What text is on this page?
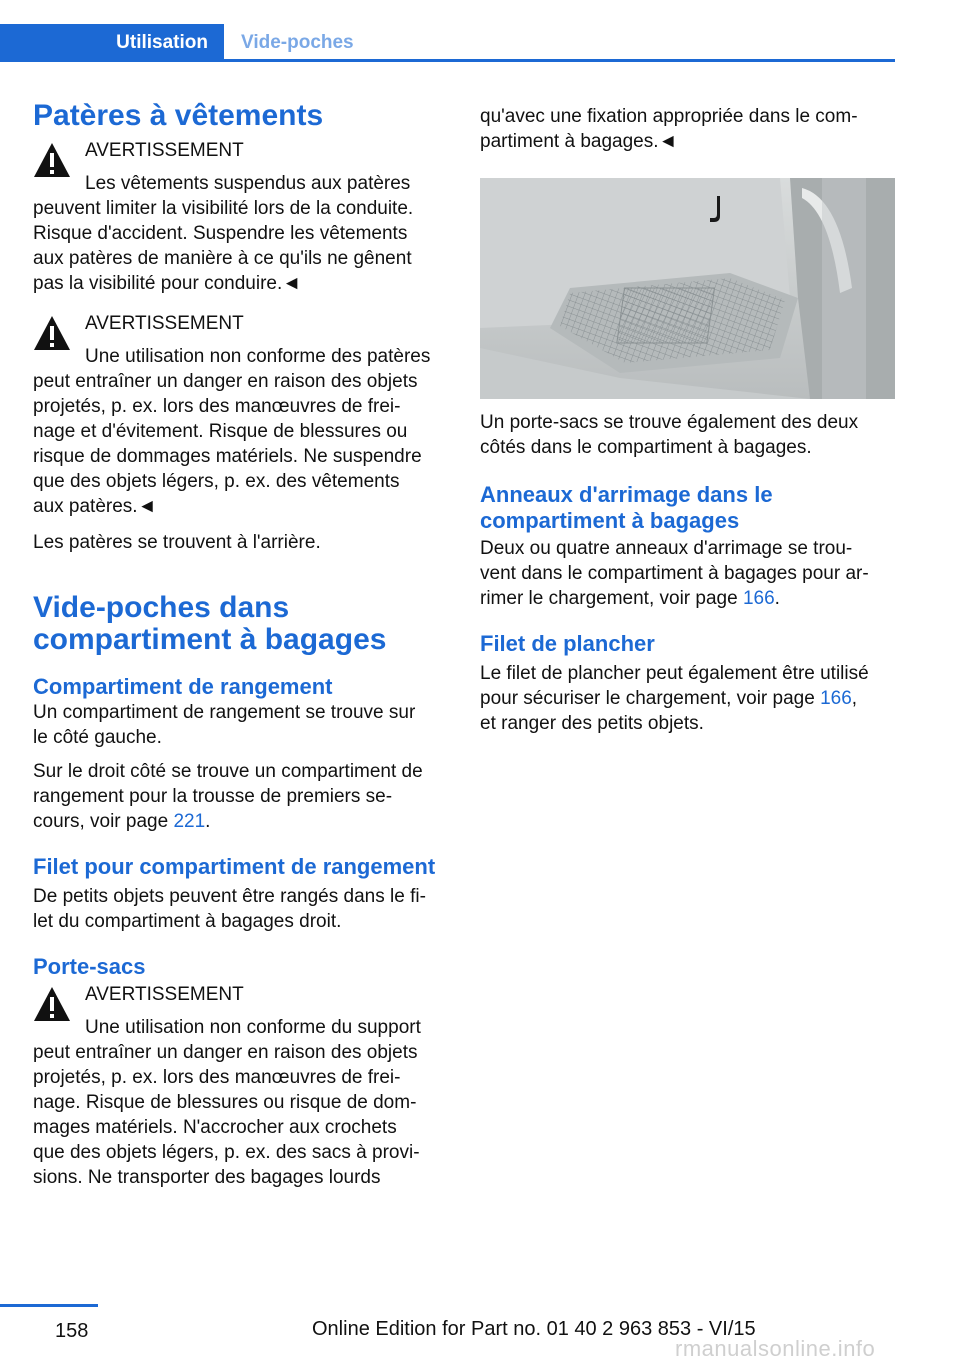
Utilisation Vide-poches
Patères à vêtements
AVERTISSEMENT
Les vêtements suspendus aux patères
peuvent limiter la visibilité lors de la conduite.
Risque d'accident. Suspendre les vêtements
aux patères de manière à ce qu'ils ne gênent
pas la visibilité pour conduire.◄
AVERTISSEMENT
Une utilisation non conforme des patères
peut entraîner un danger en raison des objets
projetés, p. ex. lors des manœuvres de frei‐
nage et d'évitement. Risque de blessures ou
risque de dommages matériels. Ne suspendre
que des objets légers, p. ex. des vêtements
aux patères.◄

Les patères se trouvent à l'arrière.

Vide-poches dans
compartiment à bagages
Compartiment de rangement
Un compartiment de rangement se trouve sur
le côté gauche.
Sur le droit côté se trouve un compartiment de
rangement pour la trousse de premiers se‐
cours, voir page 221.
Filet pour compartiment de rangement
De petits objets peuvent être rangés dans le fi‐
let du compartiment à bagages droit.
Porte-sacs
AVERTISSEMENT
Une utilisation non conforme du support
peut entraîner un danger en raison des objets
projetés, p. ex. lors des manœuvres de frei‐
nage. Risque de blessures ou risque de dom‐
mages matériels. N'accrocher aux crochets
que des objets légers, p. ex. des sacs à provi‐
sions. Ne transporter des bagages lourds
qu'avec une fixation appropriée dans le com‐
partiment à bagages.◄
Un porte-sacs se trouve également des deux
côtés dans le compartiment à bagages.
Anneaux d'arrimage dans le
compartiment à bagages
Deux ou quatre anneaux d'arrimage se trou‐
vent dans le compartiment à bagages pour ar‐
rimer le chargement, voir page 166.
Filet de plancher
Le filet de plancher peut également être utilisé
pour sécuriser le chargement, voir page 166,
et ranger des petits objets.
158	Online Edition for Part no. 01 40 2 963 853 - VI/15
rmanualsonline.info
